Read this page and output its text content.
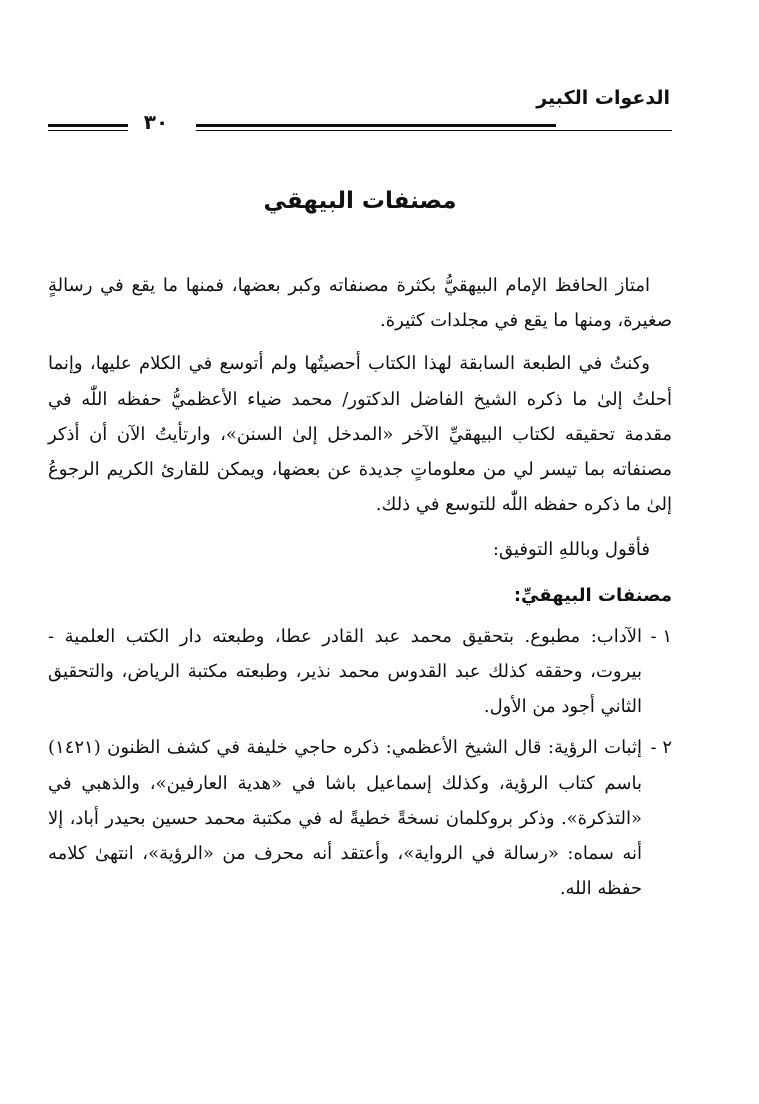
الدعوات الكبير
٣٠
مصنفات البيهقي

امتاز الحافظ الإمام البيهقيُّ بكثرة مصنفاته وكبر بعضها، فمنها ما يقع في رسالةٍ صغيرة، ومنها ما يقع في مجلدات كثيرة.

وكنتُ في الطبعة السابقة لهذا الكتاب أحصيتُها ولم أتوسع في الكلام عليها، وإنما أحلتُ إلىٰ ما ذكره الشيخ الفاضل الدكتور/ محمد ضياء الأعظميُّ حفظه اللّٰه في مقدمة تحقيقه لكتاب البيهقيِّ الآخر «المدخل إلىٰ السنن»، وارتأيتُ الآن أن أذكر مصنفاته بما تيسر لي من معلوماتٍ جديدة عن بعضها، ويمكن للقارئ الكريم الرجوعُ إلىٰ ما ذكره حفظه اللّٰه للتوسع في ذلك.

فأقول وباللهِ التوفيق:

مصنفات البيهقيِّ:

١ -
الآداب: مطبوع. بتحقيق محمد عبد القادر عطا، وطبعته دار الكتب العلمية - بيروت، وحققه كذلك عبد القدوس محمد نذير، وطبعته مكتبة الرياض، والتحقيق الثاني أجود من الأول.
٢ -
إثبات الرؤية: قال الشيخ الأعظمي: ذكره حاجي خليفة في كشف الظنون (١٤٢١) باسم كتاب الرؤية، وكذلك إسماعيل باشا في «هدية العارفين»، والذهبي في «التذكرة». وذكر بروكلمان نسخةً خطيةً له في مكتبة محمد حسين بحيدر أباد، إلا أنه سماه: «رسالة في الرواية»، وأعتقد أنه محرف من «الرؤية»، انتهىٰ كلامه حفظه الله.
